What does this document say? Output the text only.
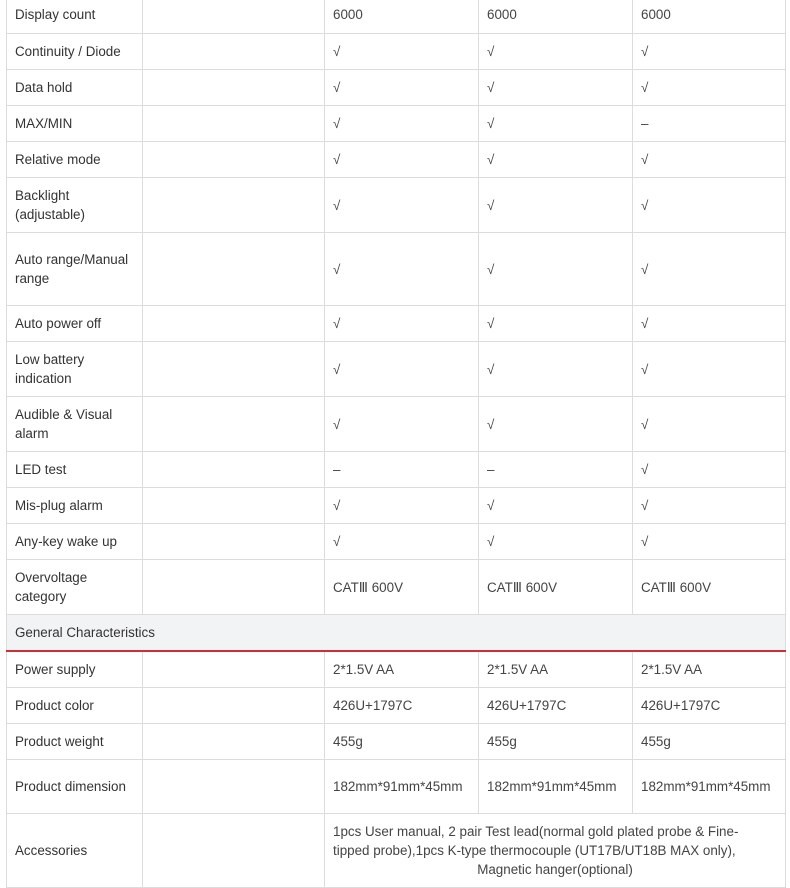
Display count		6000	6000	6000
Continuity / Diode		√	√	√
Data hold		√	√	√
MAX/MIN		√	√	–
Relative mode		√	√	√
Backlight (adjustable)		√	√	√
Auto range/Manual range		√	√	√
Auto power off		√	√	√
Low battery indication		√	√	√
Audible & Visual alarm		√	√	√
LED test		–	–	√
Mis-plug alarm		√	√	√
Any-key wake up		√	√	√
Overvoltage category		CATⅢ 600V	CATⅢ 600V	CATⅢ 600V
General Characteristics				
Power supply		2*1.5V AA	2*1.5V AA	2*1.5V AA
Product color		426U+1797C	426U+1797C	426U+1797C
Product weight		455g	455g	455g
Product dimension		182mm*91mm*45mm	182mm*91mm*45mm	182mm*91mm*45mm
Accessories		1pcs User manual, 2 pair Test lead(normal gold plated probe & Fine-
tipped probe),1pcs K-type thermocouple (UT17B/UT18B MAX only),
Magnetic hanger(optional)		
